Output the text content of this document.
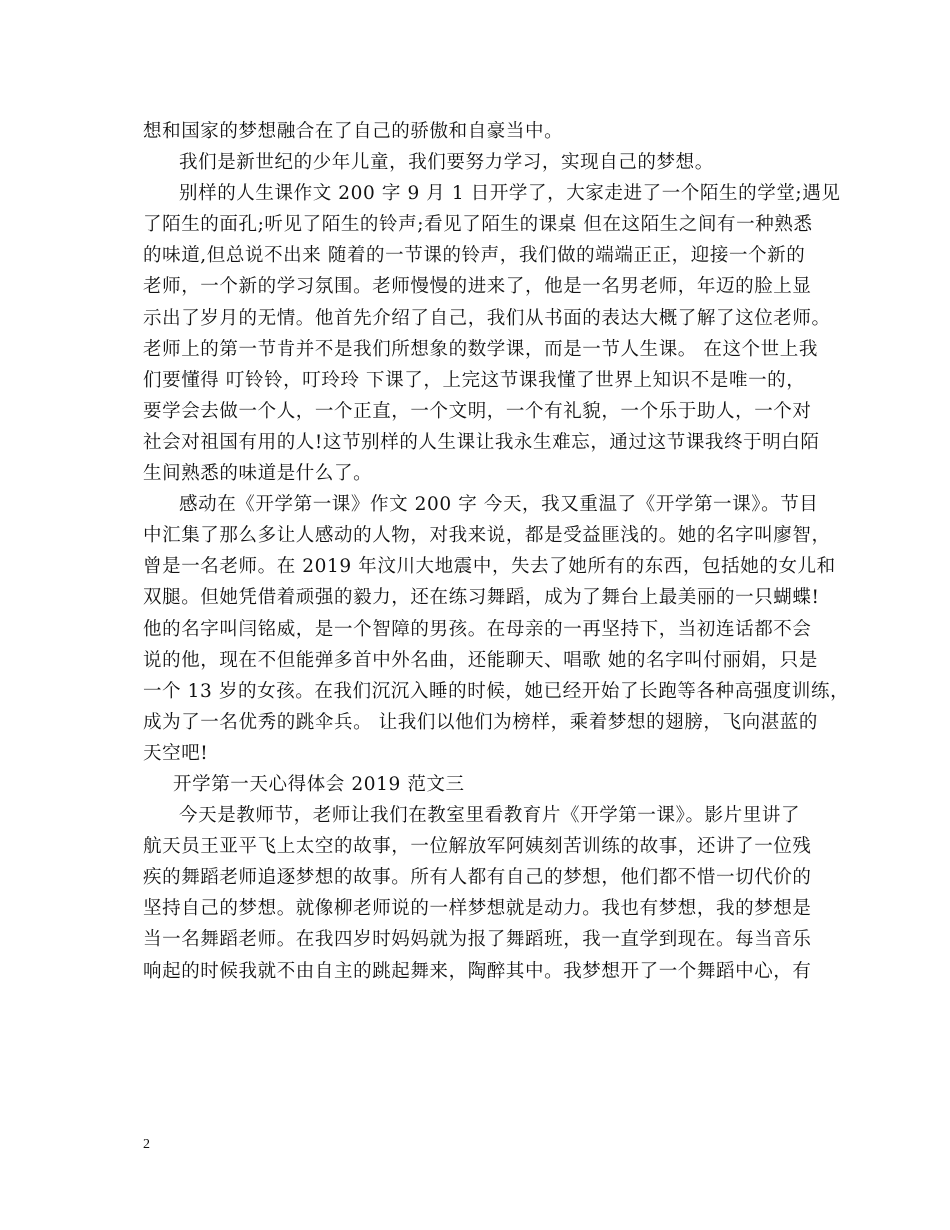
想和国家的梦想融合在了自己的骄傲和自豪当中。
我们是新世纪的少年儿童，我们要努力学习，实现自己的梦想。
别样的人生课作文 200 字 9 月 1 日开学了，大家走进了一个陌生的学堂;遇见
了陌生的面孔;听见了陌生的铃声;看见了陌生的课桌 但在这陌生之间有一种熟悉
的味道,但总说不出来 随着的一节课的铃声，我们做的端端正正，迎接一个新的
老师，一个新的学习氛围。老师慢慢的进来了，他是一名男老师，年迈的脸上显
示出了岁月的无情。他首先介绍了自己，我们从书面的表达大概了解了这位老师。
老师上的第一节肯并不是我们所想象的数学课，而是一节人生课。 在这个世上我
们要懂得 叮铃铃，叮玲玲 下课了，上完这节课我懂了世界上知识不是唯一的，
要学会去做一个人，一个正直，一个文明，一个有礼貌，一个乐于助人，一个对
社会对祖国有用的人!这节别样的人生课让我永生难忘，通过这节课我终于明白陌
生间熟悉的味道是什么了。
感动在《开学第一课》作文 200 字 今天，我又重温了《开学第一课》。节目
中汇集了那么多让人感动的人物，对我来说，都是受益匪浅的。她的名字叫廖智，
曾是一名老师。在 2019 年汶川大地震中，失去了她所有的东西，包括她的女儿和
双腿。但她凭借着顽强的毅力，还在练习舞蹈，成为了舞台上最美丽的一只蝴蝶!
他的名字叫闫铭威，是一个智障的男孩。在母亲的一再坚持下，当初连话都不会
说的他，现在不但能弹多首中外名曲，还能聊天、唱歌 她的名字叫付丽娟，只是
一个 13 岁的女孩。在我们沉沉入睡的时候，她已经开始了长跑等各种高强度训练，
成为了一名优秀的跳伞兵。 让我们以他们为榜样，乘着梦想的翅膀，飞向湛蓝的
天空吧!
开学第一天心得体会 2019 范文三
今天是教师节，老师让我们在教室里看教育片《开学第一课》。影片里讲了
航天员王亚平飞上太空的故事，一位解放军阿姨刻苦训练的故事，还讲了一位残
疾的舞蹈老师追逐梦想的故事。所有人都有自己的梦想，他们都不惜一切代价的
坚持自己的梦想。就像柳老师说的一样梦想就是动力。我也有梦想，我的梦想是
当一名舞蹈老师。在我四岁时妈妈就为报了舞蹈班，我一直学到现在。每当音乐
响起的时候我就不由自主的跳起舞来，陶醉其中。我梦想开了一个舞蹈中心，有
2
